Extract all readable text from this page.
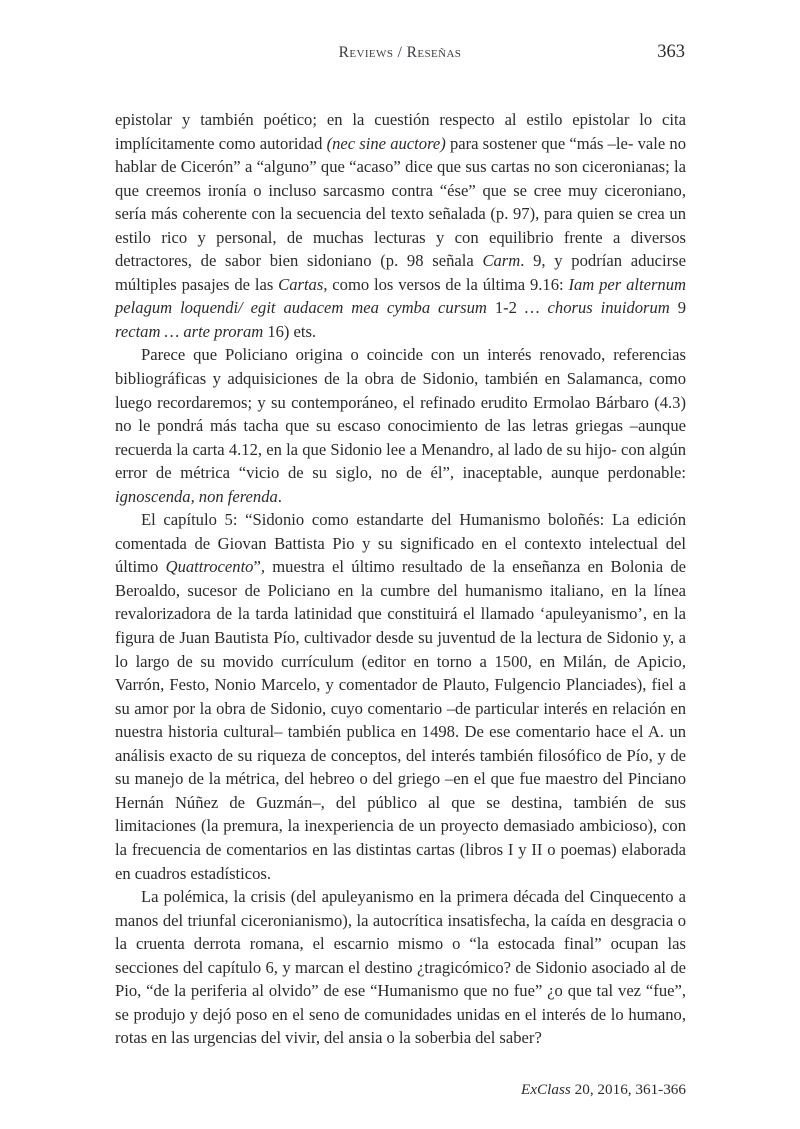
Reviews / Reseñas	363

epistolar y también poético; en la cuestión respecto al estilo epistolar lo cita implícitamente como autoridad (nec sine auctore) para sostener que “más –le- vale no hablar de Cicerón” a “alguno” que “acaso” dice que sus cartas no son ciceronianas; la que creemos ironía o incluso sarcasmo contra “ése” que se cree muy ciceroniano, sería más coherente con la secuencia del texto señalada (p. 97), para quien se crea un estilo rico y personal, de muchas lecturas y con equilibrio frente a diversos detractores, de sabor bien sidoniano (p. 98 señala Carm. 9, y podrían aducirse múltiples pasajes de las Cartas, como los versos de la última 9.16: Iam per alternum pelagum loquendi/ egit audacem mea cymba cursum 1-2 … chorus inuidorum 9 rectam … arte proram 16) ets.

Parece que Policiano origina o coincide con un interés renovado, referencias bibliográficas y adquisiciones de la obra de Sidonio, también en Salamanca, como luego recordaremos; y su contemporáneo, el refinado erudito Ermolao Bárbaro (4.3) no le pondrá más tacha que su escaso conocimiento de las letras griegas –aunque recuerda la carta 4.12, en la que Sidonio lee a Menandro, al lado de su hijo- con algún error de métrica “vicio de su siglo, no de él”, inaceptable, aunque perdonable: ignoscenda, non ferenda.

El capítulo 5: “Sidonio como estandarte del Humanismo boloñés: La edición comentada de Giovan Battista Pio y su significado en el contexto intelectual del último Quattrocento”, muestra el último resultado de la enseñanza en Bolonia de Beroaldo, sucesor de Policiano en la cumbre del humanismo italiano, en la línea revalorizadora de la tarda latinidad que constituirá el llamado ‘apuleyanismo’, en la figura de Juan Bautista Pío, cultivador desde su juventud de la lectura de Sidonio y, a lo largo de su movido currículum (editor en torno a 1500, en Milán, de Apicio, Varrón, Festo, Nonio Marcelo, y comentador de Plauto, Fulgencio Planciades), fiel a su amor por la obra de Sidonio, cuyo comentario –de particular interés en relación en nuestra historia cultural– también publica en 1498. De ese comentario hace el A. un análisis exacto de su riqueza de conceptos, del interés también filosófico de Pío, y de su manejo de la métrica, del hebreo o del griego –en el que fue maestro del Pinciano Hernán Núñez de Guzmán–, del público al que se destina, también de sus limitaciones (la premura, la inexperiencia de un proyecto demasiado ambicioso), con la frecuencia de comentarios en las distintas cartas (libros I y II o poemas) elaborada en cuadros estadísticos.

La polémica, la crisis (del apuleyanismo en la primera década del Cinquecento a manos del triunfal ciceronianismo), la autocrítica insatisfecha, la caída en desgracia o la cruenta derrota romana, el escarnio mismo o “la estocada final” ocupan las secciones del capítulo 6, y marcan el destino ¿tragicómico? de Sidonio asociado al de Pio, “de la periferia al olvido” de ese “Humanismo que no fue” ¿o que tal vez “fue”, se produjo y dejó poso en el seno de comunidades unidas en el interés de lo humano, rotas en las urgencias del vivir, del ansia o la soberbia del saber?

ExClass 20, 2016, 361-366
